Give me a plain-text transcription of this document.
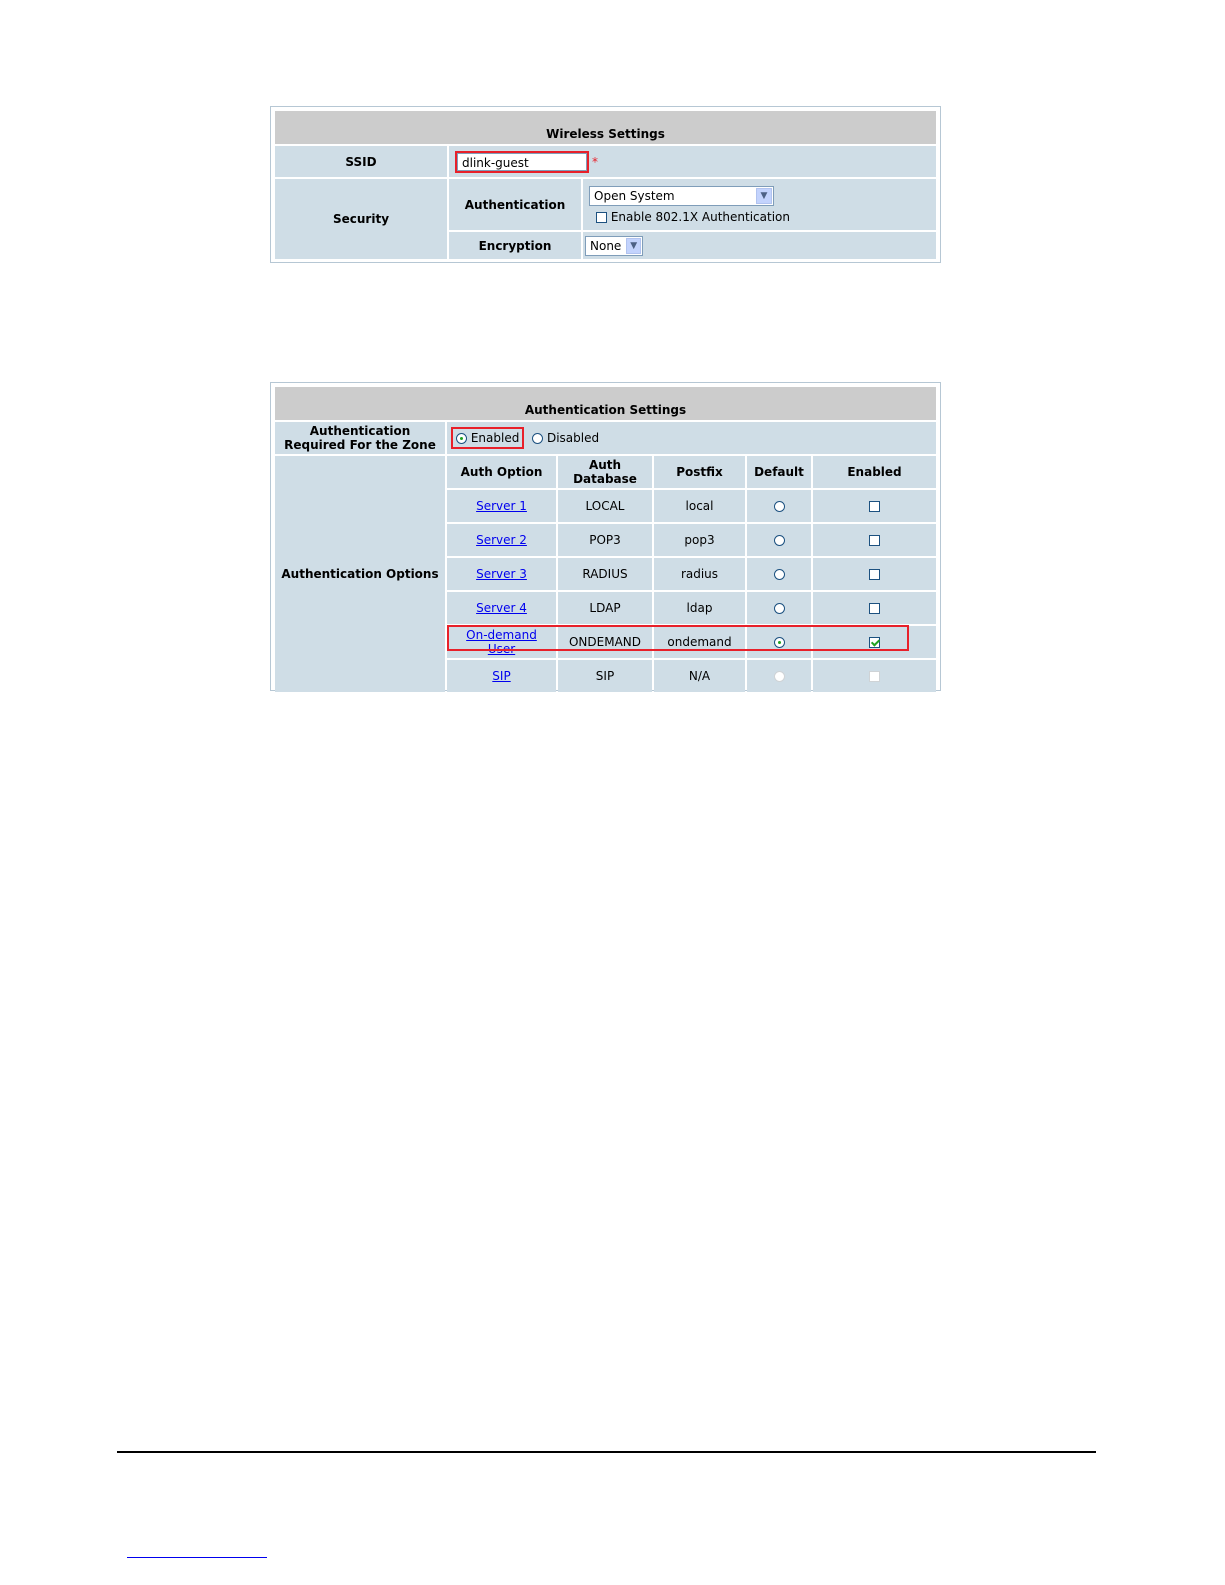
Wireless Settings		
SSID	dlink-guest *	
Security	Authentication	Open System ▼
Enable 802.1X Authentication

	Encryption	None ▼
Authentication Settings					
Authentication Required For the Zone	Enabled Disabled				
Authentication Options	Auth Option	Auth Database	Postfix	Default	Enabled
	Server 1	LOCAL	local		
	Server 2	POP3	pop3		
	Server 3	RADIUS	radius		
	Server 4	LDAP	ldap		
	On-demand User	ONDEMAND	ondemand		
	SIP	SIP	N/A		
